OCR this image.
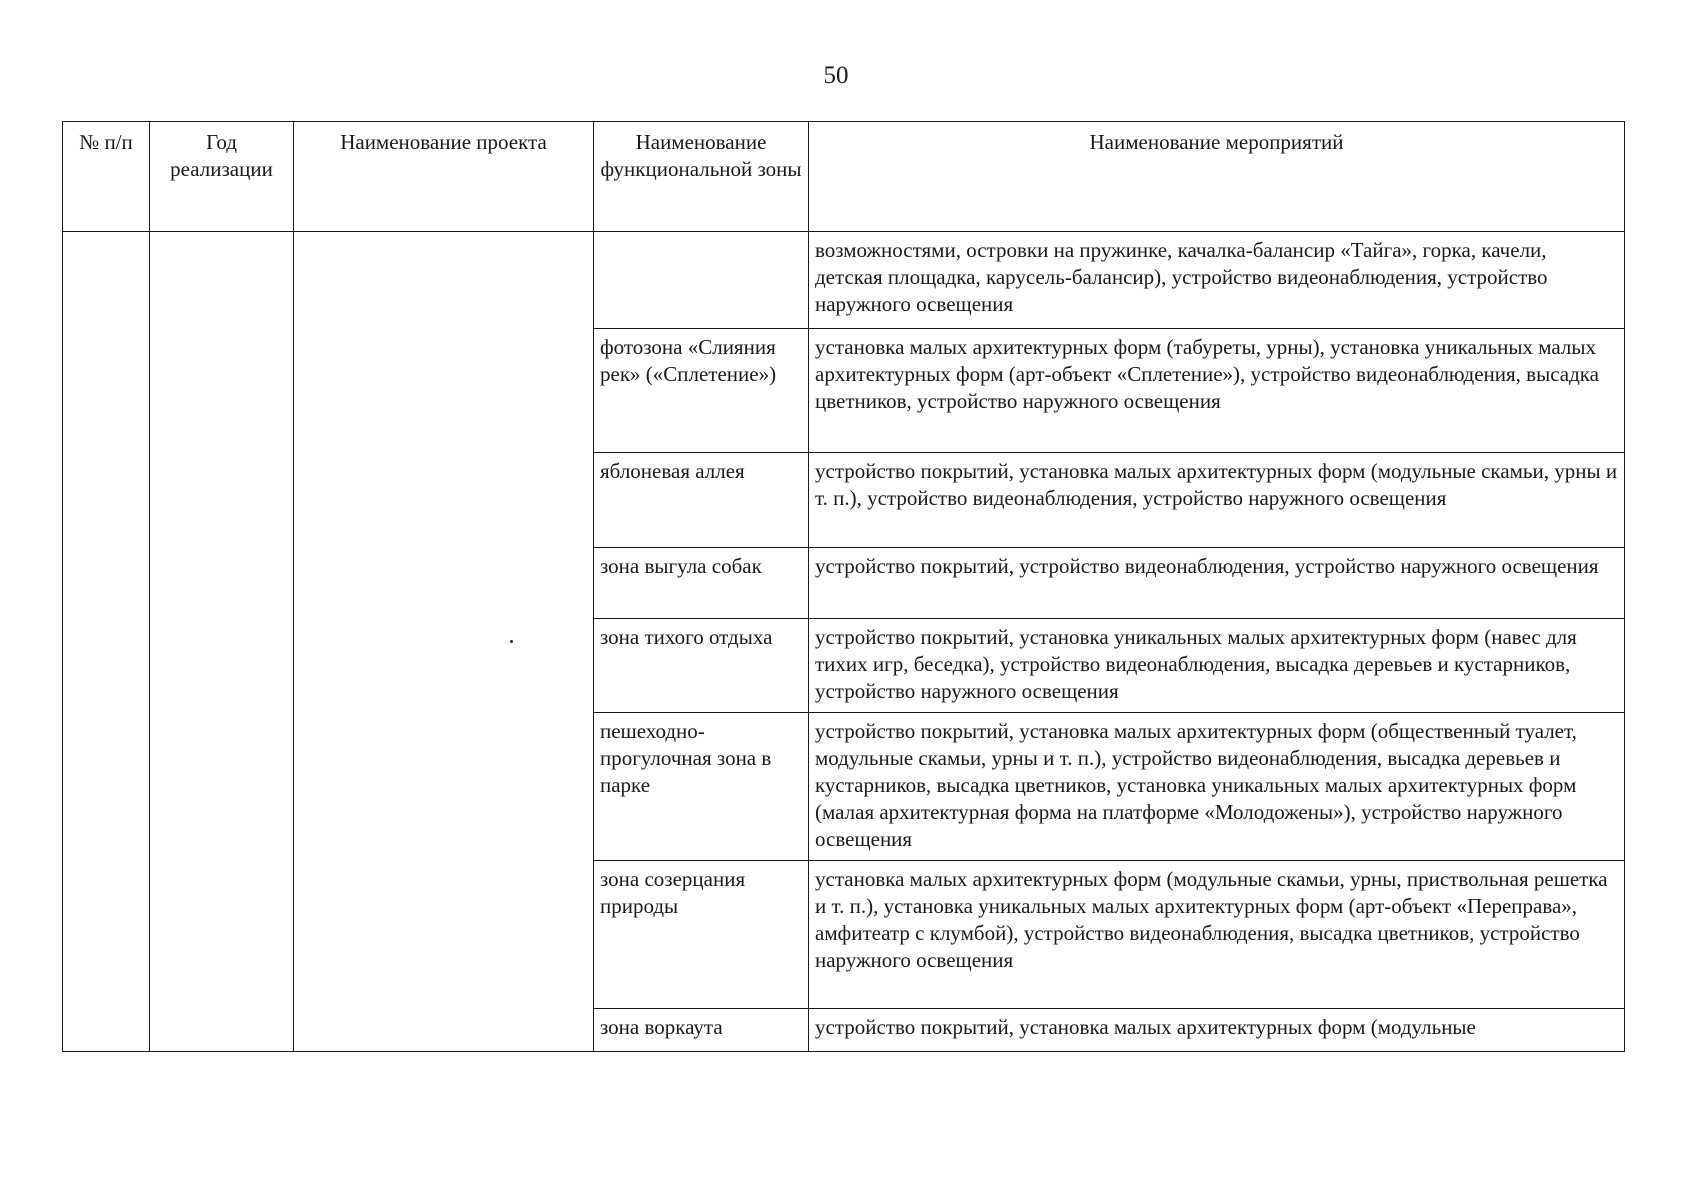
50
№ п/п	Год реализации	Наименование проекта	Наименование функциональной зоны	Наименование мероприятий
				возможностями, островки на пружинке, качалка-балансир «Тайга», горка, качели, детская площадка, карусель-балансир), устройство видеонаблюдения, устройство наружного освещения
			фотозона «Слияния рек» («Сплетение»)	установка малых архитектурных форм (табуреты, урны), установка уникальных малых архитектурных форм (арт-объект «Сплетение»), устройство видеонаблюдения, высадка цветников, устройство наружного освещения
			яблоневая аллея	устройство покрытий, установка малых архитектурных форм (модульные скамьи, урны и т. п.), устройство видеонаблюдения, устройство наружного освещения
			зона выгула собак	устройство покрытий, устройство видеонаблюдения, устройство наружного освещения
			зона тихого отдыха	устройство покрытий, установка уникальных малых архитектурных форм (навес для тихих игр, беседка), устройство видеонаблюдения, высадка деревьев и кустарников, устройство наружного освещения
			пешеходно-прогулочная зона в парке	устройство покрытий, установка малых архитектурных форм (общественный туалет, модульные скамьи, урны и т. п.), устройство видеонаблюдения, высадка деревьев и кустарников, высадка цветников, установка уникальных малых архитектурных форм (малая архитектурная форма на платформе «Молодожены»), устройство наружного освещения
			зона созерцания природы	установка малых архитектурных форм (модульные скамьи, урны, приствольная решетка и т. п.), установка уникальных малых архитектурных форм (арт-объект «Переправа», амфитеатр с клумбой), устройство видеонаблюдения, высадка цветников, устройство наружного освещения
			зона воркаута	устройство покрытий, установка малых архитектурных форм (модульные
